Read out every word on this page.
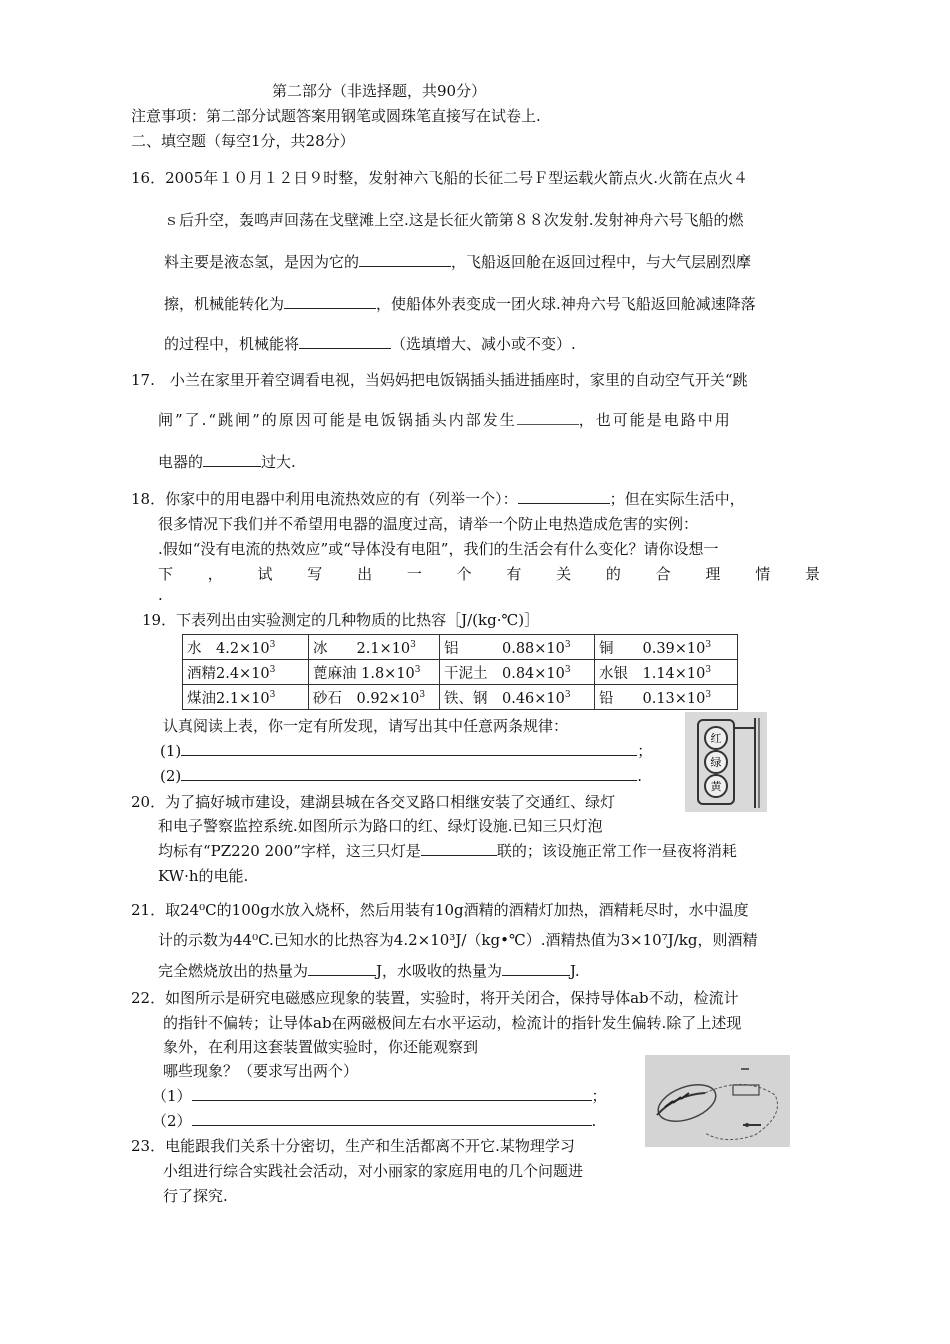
第二部分（非选择题，共90分）
注意事项：第二部分试题答案用钢笔或圆珠笔直接写在试卷上.
二、填空题（每空1分，共28分）
16．2005年１０月１２日９时整，发射神六飞船的长征二号Ｆ型运载火箭点火.火箭在点火４
ｓ后升空，轰鸣声回荡在戈壁滩上空.这是长征火箭第８８次发射.发射神舟六号飞船的燃
料主要是液态氢，是因为它的	，飞船返回舱在返回过程中，与大气层剧烈摩
擦，机械能转化为	，使船体外表变成一团火球.神舟六号飞船返回舱减速降落
的过程中，机械能将	（选填增大、减小或不变）.
17.　小兰在家里开着空调看电视，当妈妈把电饭锅插头插进插座时，家里的自动空气开关“跳
闸”了.“跳闸”的原因可能是电饭锅插头内部发生	，也可能是电路中用
电器的	过大.
18．你家中的用电器中利用电流热效应的有（列举一个）：	；但在实际生活中，
很多情况下我们并不希望用电器的温度过高，请举一个防止电热造成危害的实例：
.假如“没有电流的热效应”或“导体没有电阻”，我们的生活会有什么变化？请你设想一
下 ， 试 写 出 一 个 有 关 的 合 理 情 景
.
19．下表列出由实验测定的几种物质的比热容［J/(kg·℃)］
水　 $4.2\times 10^3$	冰　　 $2.1\times 10^3$	铝　　　 $0.88\times 10^3$	铜　　 $0.39\times 10^3$
酒精$2.4\times 10^3$	蓖麻油 $1.8\times 10^3$	干泥土　 $0.84\times 10^3$	水银　 $1.14\times 10^3$
煤油$2.1\times 10^3$	砂石　 $0.92\times 10^3$	铁、钢　 $0.46\times 10^3$	铅　　 $0.13\times 10^3$
认真阅读上表，你一定有所发现，请写出其中任意两条规律：
(1)	；
(2)	.
红
绿
黄
20．为了搞好城市建设，建湖县城在各交叉路口相继安装了交通红、绿灯
和电子警察监控系统.如图所示为路口的红、绿灯设施.已知三只灯泡
均标有“PZ220 200”字样，这三只灯是	联的；该设施正常工作一昼夜将消耗
KW·h的电能.
21．取24⁰C的100g水放入烧杯，然后用装有10g酒精的酒精灯加热，酒精耗尽时，水中温度
计的示数为44⁰C.已知水的比热容为4.2×10³J/（kg•℃）.酒精热值为3×10⁷J/kg，则酒精
完全燃烧放出的热量为	J，水吸收的热量为	J.
22．如图所示是研究电磁感应现象的装置，实验时，将开关闭合，保持导体ab不动，检流计
的指针不偏转；让导体ab在两磁极间左右水平运动，检流计的指针发生偏转.除了上述现
象外，在利用这套装置做实验时，你还能观察到
哪些现象？（要求写出两个）
（1）	；
（2）	.
23．电能跟我们关系十分密切，生产和生活都离不开它.某物理学习
小组进行综合实践社会活动，对小丽家的家庭用电的几个问题进
行了探究.
